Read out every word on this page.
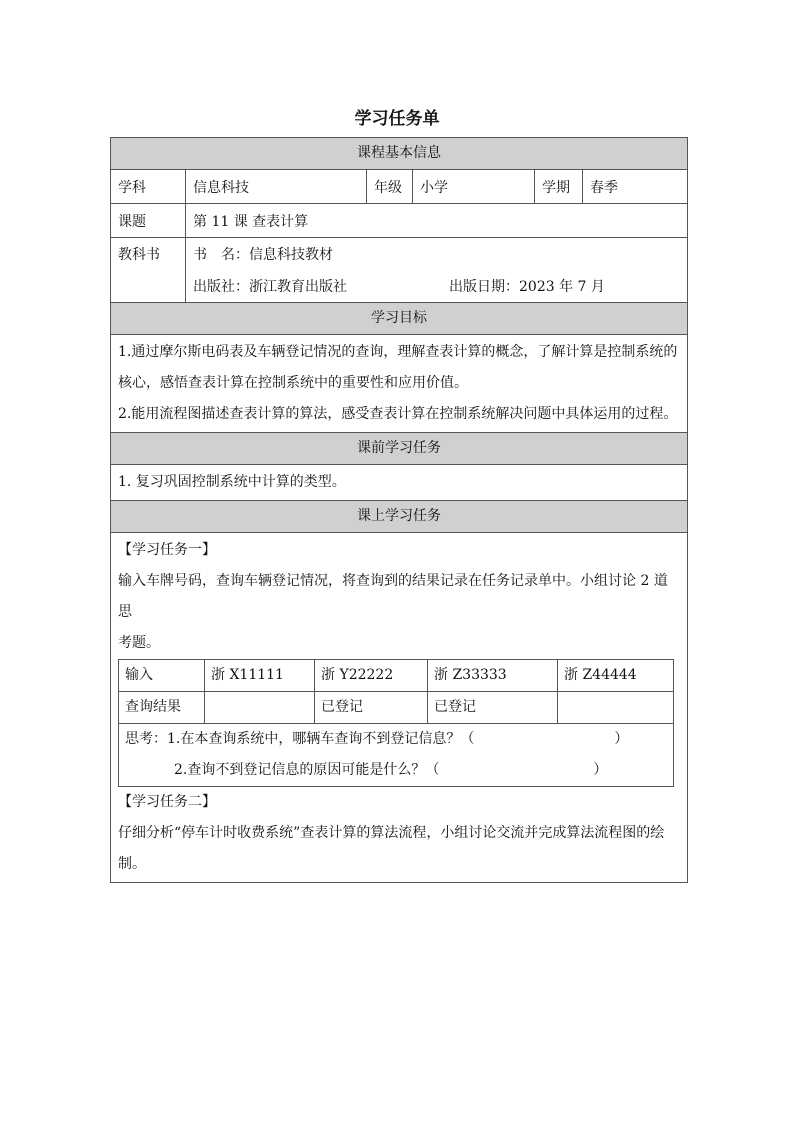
学习任务单
课程基本信息
学科	信息科技	年级	小学	学期	春季
课题	第 11 课 查表计算
教科书	书　名：信息科技教材
出版社：浙江教育出版社	出版日期：2023 年 7 月
学习目标
1.通过摩尔斯电码表及车辆登记情况的查询，理解查表计算的概念，了解计算是控制系统的
核心，感悟查表计算在控制系统中的重要性和应用价值。
2.能用流程图描述查表计算的算法，感受查表计算在控制系统解决问题中具体运用的过程。
课前学习任务
1. 复习巩固控制系统中计算的类型。
课上学习任务
【学习任务一】
输入车牌号码，查询车辆登记情况，将查询到的结果记录在任务记录单中。小组讨论 2 道思
考题。
输入	浙 X11111	浙 Y22222	浙 Z33333	浙 Z44444
查询结果		已登记	已登记	

思考：1.在本查询系统中，哪辆车查询不到登记信息？（　　　　　　　　　　）
2.查询不到登记信息的原因可能是什么？（　　　　　　　　　　　）				
【学习任务二】
仔细分析“停车计时收费系统”查表计算的算法流程，小组讨论交流并完成算法流程图的绘
制。
